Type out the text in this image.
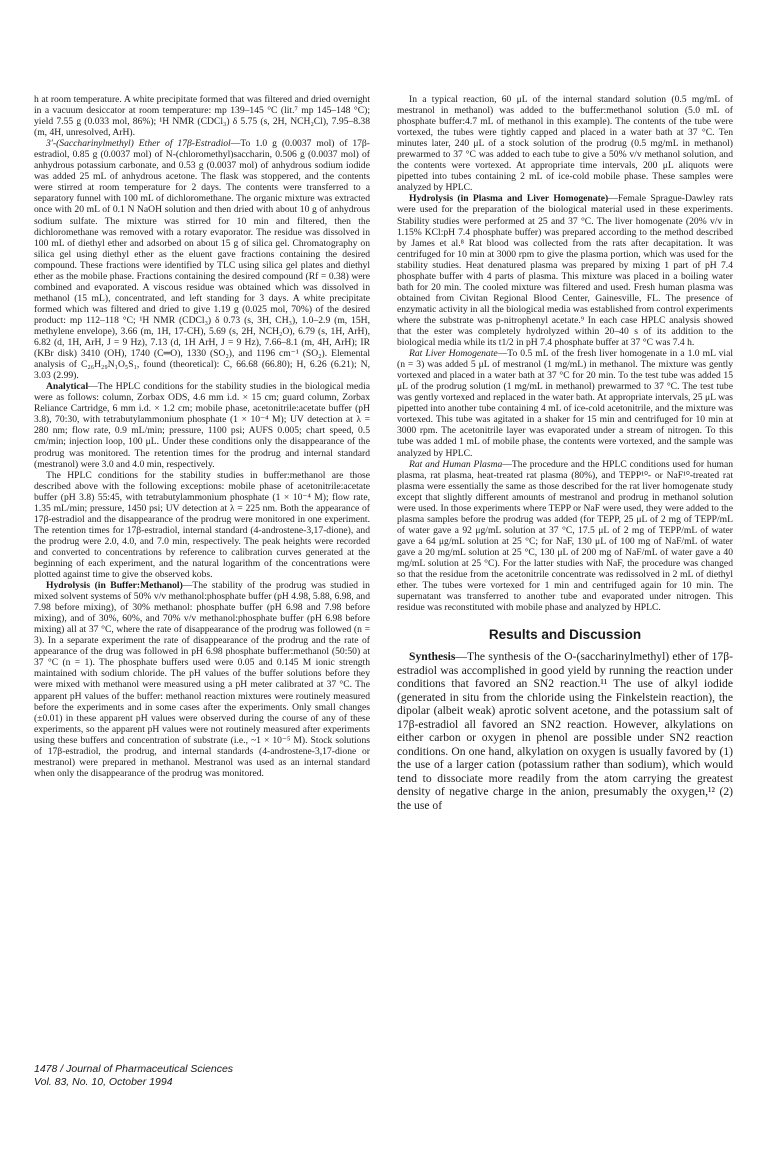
h at room temperature. A white precipitate formed that was filtered and dried overnight in a vacuum desiccator at room temperature: mp 139–145 °C (lit.⁷ mp 145–148 °C); yield 7.55 g (0.033 mol, 86%); ¹H NMR (CDCl₃) δ 5.75 (s, 2H, NCH₂Cl), 7.95–8.38 (m, 4H, unresolved, ArH).

3′-(Saccharinylmethyl) Ether of 17β-Estradiol—To 1.0 g (0.0037 mol) of 17β-estradiol, 0.85 g (0.0037 mol) of N-(chloromethyl)saccharin, 0.506 g (0.0037 mol) of anhydrous potassium carbonate, and 0.53 g (0.0037 mol) of anhydrous sodium iodide was added 25 mL of anhydrous acetone. The flask was stoppered, and the contents were stirred at room temperature for 2 days. The contents were transferred to a separatory funnel with 100 mL of dichloromethane. The organic mixture was extracted once with 20 mL of 0.1 N NaOH solution and then dried with about 10 g of anhydrous sodium sulfate. The mixture was stirred for 10 min and filtered, then the dichloromethane was removed with a rotary evaporator. The residue was dissolved in 100 mL of diethyl ether and adsorbed on about 15 g of silica gel. Chromatography on silica gel using diethyl ether as the eluent gave fractions containing the desired compound. These fractions were identified by TLC using silica gel plates and diethyl ether as the mobile phase. Fractions containing the desired compound (Rf = 0.38) were combined and evaporated. A viscous residue was obtained which was dissolved in methanol (15 mL), concentrated, and left standing for 3 days. A white precipitate formed which was filtered and dried to give 1.19 g (0.025 mol, 70%) of the desired product: mp 112–118 °C; ¹H NMR (CDCl₃) δ 0.73 (s, 3H, CH₃), 1.0–2.9 (m, 15H, methylene envelope), 3.66 (m, 1H, 17-CH), 5.69 (s, 2H, NCH₂O), 6.79 (s, 1H, ArH), 6.82 (d, 1H, ArH, J = 9 Hz), 7.13 (d, 1H ArH, J = 9 Hz), 7.66–8.1 (m, 4H, ArH); IR (KBr disk) 3410 (OH), 1740 (C═O), 1330 (SO₂), and 1196 cm⁻¹ (SO₂). Elemental analysis of C₂₆H₂₉N₁O₅S₁, found (theoretical): C, 66.68 (66.80); H, 6.26 (6.21); N, 3.03 (2.99).

Analytical—The HPLC conditions for the stability studies in the biological media were as follows: column, Zorbax ODS, 4.6 mm i.d. × 15 cm; guard column, Zorbax Reliance Cartridge, 6 mm i.d. × 1.2 cm; mobile phase, acetonitrile:acetate buffer (pH 3.8), 70:30, with tetrabutylammonium phosphate (1 × 10⁻⁴ M); UV detection at λ = 280 nm; flow rate, 0.9 mL/min; pressure, 1100 psi; AUFS 0.005; chart speed, 0.5 cm/min; injection loop, 100 μL. Under these conditions only the disappearance of the prodrug was monitored. The retention times for the prodrug and internal standard (mestranol) were 3.0 and 4.0 min, respectively.

The HPLC conditions for the stability studies in buffer:methanol are those described above with the following exceptions: mobile phase of acetonitrile:acetate buffer (pH 3.8) 55:45, with tetrabutylammonium phosphate (1 × 10⁻⁴ M); flow rate, 1.35 mL/min; pressure, 1450 psi; UV detection at λ = 225 nm. Both the appearance of 17β-estradiol and the disappearance of the prodrug were monitored in one experiment. The retention times for 17β-estradiol, internal standard (4-androstene-3,17-dione), and the prodrug were 2.0, 4.0, and 7.0 min, respectively. The peak heights were recorded and converted to concentrations by reference to calibration curves generated at the beginning of each experiment, and the natural logarithm of the concentrations were plotted against time to give the observed kobs.

Hydrolysis (in Buffer:Methanol)—The stability of the prodrug was studied in mixed solvent systems of 50% v/v methanol:phosphate buffer (pH 4.98, 5.88, 6.98, and 7.98 before mixing), of 30% methanol: phosphate buffer (pH 6.98 and 7.98 before mixing), and of 30%, 60%, and 70% v/v methanol:phosphate buffer (pH 6.98 before mixing) all at 37 °C, where the rate of disappearance of the prodrug was followed (n = 3). In a separate experiment the rate of disappearance of the prodrug and the rate of appearance of the drug was followed in pH 6.98 phosphate buffer:methanol (50:50) at 37 °C (n = 1). The phosphate buffers used were 0.05 and 0.145 M ionic strength maintained with sodium chloride. The pH values of the buffer solutions before they were mixed with methanol were measured using a pH meter calibrated at 37 °C. The apparent pH values of the buffer: methanol reaction mixtures were routinely measured before the experiments and in some cases after the experiments. Only small changes (±0.01) in these apparent pH values were observed during the course of any of these experiments, so the apparent pH values were not routinely measured after experiments using these buffers and concentration of substrate (i.e., ~1 × 10⁻⁵ M). Stock solutions of 17β-estradiol, the prodrug, and internal standards (4-androstene-3,17-dione or mestranol) were prepared in methanol. Mestranol was used as an internal standard when only the disappearance of the prodrug was monitored.

In a typical reaction, 60 μL of the internal standard solution (0.5 mg/mL of mestranol in methanol) was added to the buffer:methanol solution (5.0 mL of phosphate buffer:4.7 mL of methanol in this example). The contents of the tube were vortexed, the tubes were tightly capped and placed in a water bath at 37 °C. Ten minutes later, 240 μL of a stock solution of the prodrug (0.5 mg/mL in methanol) prewarmed to 37 °C was added to each tube to give a 50% v/v methanol solution, and the contents were vortexed. At appropriate time intervals, 200 μL aliquots were pipetted into tubes containing 2 mL of ice-cold mobile phase. These samples were analyzed by HPLC.

Hydrolysis (in Plasma and Liver Homogenate)—Female Sprague-Dawley rats were used for the preparation of the biological material used in these experiments. Stability studies were performed at 25 and 37 °C. The liver homogenate (20% v/v in 1.15% KCl:pH 7.4 phosphate buffer) was prepared according to the method described by James et al.⁸ Rat blood was collected from the rats after decapitation. It was centrifuged for 10 min at 3000 rpm to give the plasma portion, which was used for the stability studies. Heat denatured plasma was prepared by mixing 1 part of pH 7.4 phosphate buffer with 4 parts of plasma. This mixture was placed in a boiling water bath for 20 min. The cooled mixture was filtered and used. Fresh human plasma was obtained from Civitan Regional Blood Center, Gainesville, FL. The presence of enzymatic activity in all the biological media was established from control experiments where the substrate was p-nitrophenyl acetate.⁹ In each case HPLC analysis showed that the ester was completely hydrolyzed within 20–40 s of its addition to the biological media while its t1/2 in pH 7.4 phosphate buffer at 37 °C was 7.4 h.

Rat Liver Homogenate—To 0.5 mL of the fresh liver homogenate in a 1.0 mL vial (n = 3) was added 5 μL of mestranol (1 mg/mL) in methanol. The mixture was gently vortexed and placed in a water bath at 37 °C for 20 min. To the test tube was added 15 μL of the prodrug solution (1 mg/mL in methanol) prewarmed to 37 °C. The test tube was gently vortexed and replaced in the water bath. At appropriate intervals, 25 μL was pipetted into another tube containing 4 mL of ice-cold acetonitrile, and the mixture was vortexed. This tube was agitated in a shaker for 15 min and centrifuged for 10 min at 3000 rpm. The acetonitrile layer was evaporated under a stream of nitrogen. To this tube was added 1 mL of mobile phase, the contents were vortexed, and the sample was analyzed by HPLC.

Rat and Human Plasma—The procedure and the HPLC conditions used for human plasma, rat plasma, heat-treated rat plasma (80%), and TEPP¹⁰- or NaF¹⁰-treated rat plasma were essentially the same as those described for the rat liver homogenate study except that slightly different amounts of mestranol and prodrug in methanol solution were used. In those experiments where TEPP or NaF were used, they were added to the plasma samples before the prodrug was added (for TEPP, 25 μL of 2 mg of TEPP/mL of water gave a 92 μg/mL solution at 37 °C, 17.5 μL of 2 mg of TEPP/mL of water gave a 64 μg/mL solution at 25 °C; for NaF, 130 μL of 100 mg of NaF/mL of water gave a 20 mg/mL solution at 25 °C, 130 μL of 200 mg of NaF/mL of water gave a 40 mg/mL solution at 25 °C). For the latter studies with NaF, the procedure was changed so that the residue from the acetonitrile concentrate was redissolved in 2 mL of diethyl ether. The tubes were vortexed for 1 min and centrifuged again for 10 min. The supernatant was transferred to another tube and evaporated under nitrogen. This residue was reconstituted with mobile phase and analyzed by HPLC.

Results and Discussion

Synthesis—The synthesis of the O-(saccharinylmethyl) ether of 17β-estradiol was accomplished in good yield by running the reaction under conditions that favored an SN2 reaction.¹¹ The use of alkyl iodide (generated in situ from the chloride using the Finkelstein reaction), the dipolar (albeit weak) aprotic solvent acetone, and the potassium salt of 17β-estradiol all favored an SN2 reaction. However, alkylations on either carbon or oxygen in phenol are possible under SN2 reaction conditions. On one hand, alkylation on oxygen is usually favored by (1) the use of a larger cation (potassium rather than sodium), which would tend to dissociate more readily from the atom carrying the greatest density of negative charge in the anion, presumably the oxygen,¹² (2) the use of

1478 / Journal of Pharmaceutical Sciences
Vol. 83, No. 10, October 1994
